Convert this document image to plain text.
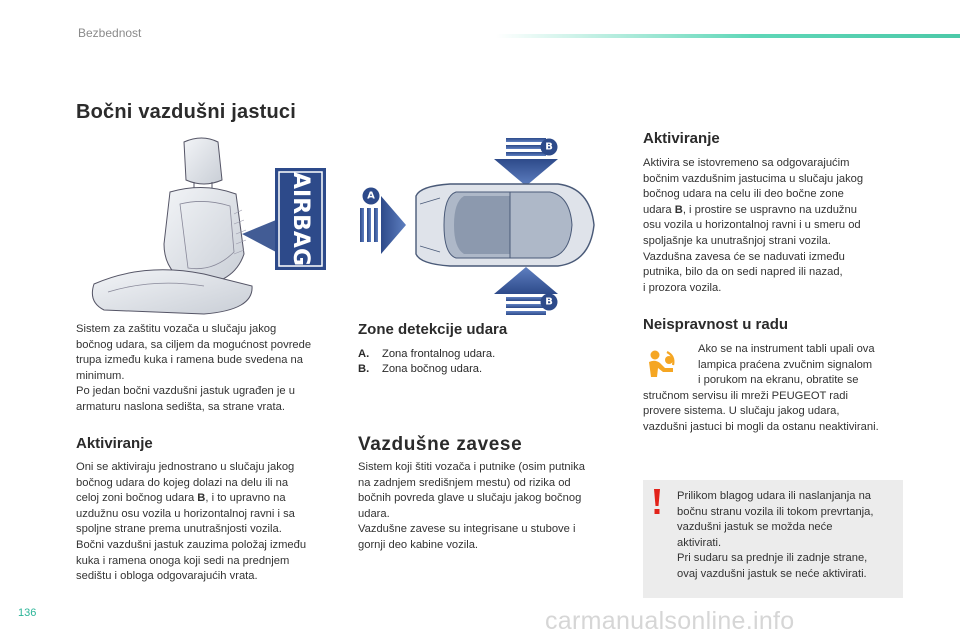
Bezbednost
Bočni vazdušni jastuci
AIRBAG	A
B
B
Sistem za zaštitu vozača u slučaju jakog
bočnog udara, sa ciljem da mogućnost povrede
trupa između kuka i ramena bude svedena na
minimum.
Po jedan bočni vazdušni jastuk ugrađen je u
armaturu naslona sedišta, sa strane vrata.
Aktiviranje
Oni se aktiviraju jednostrano u slučaju jakog
bočnog udara do kojeg dolazi na delu ili na
celoj zoni bočnog udara B, i to upravno na
uzdužnu osu vozila u horizontalnoj ravni i sa
spoljne strane prema unutrašnjosti vozila.
Bočni vazdušni jastuk zauzima položaj između
kuka i ramena onoga koji sedi na prednjem
sedištu i obloga odgovarajućih vrata.
Zone detekcije udara
A. Zona frontalnog udara.
B. Zona bočnog udara.
Vazdušne zavese
Sistem koji štiti vozača i putnike (osim putnika
na zadnjem središnjem mestu) od rizika od
bočnih povreda glave u slučaju jakog bočnog
udara.
Vazdušne zavese su integrisane u stubove i
gornji deo kabine vozila.
Aktiviranje
Aktivira se istovremeno sa odgovarajućim
bočnim vazdušnim jastucima u slučaju jakog
bočnog udara na celu ili deo bočne zone
udara B, i prostire se uspravno na uzdužnu
osu vozila u horizontalnoj ravni i u smeru od
spoljašnje ka unutrašnjoj strani vozila.
Vazdušna zavesa će se naduvati između
putnika, bilo da on sedi napred ili nazad,
i prozora vozila.
Neispravnost u radu
Ako se na instrument tabli upali ova
lampica praćena zvučnim signalom
i porukom na ekranu, obratite se
stručnom servisu ili mreži PEUGEOT radi
provere sistema. U slučaju jakog udara,
vazdušni jastuci bi mogli da ostanu neaktivirani.
Prilikom blagog udara ili naslanjanja na
bočnu stranu vozila ili tokom prevrtanja,
vazdušni jastuk se možda neće
aktivirati.
Pri sudaru sa prednje ili zadnje strane,
ovaj vazdušni jastuk se neće aktivirati.
136	carmanualsonline.info
